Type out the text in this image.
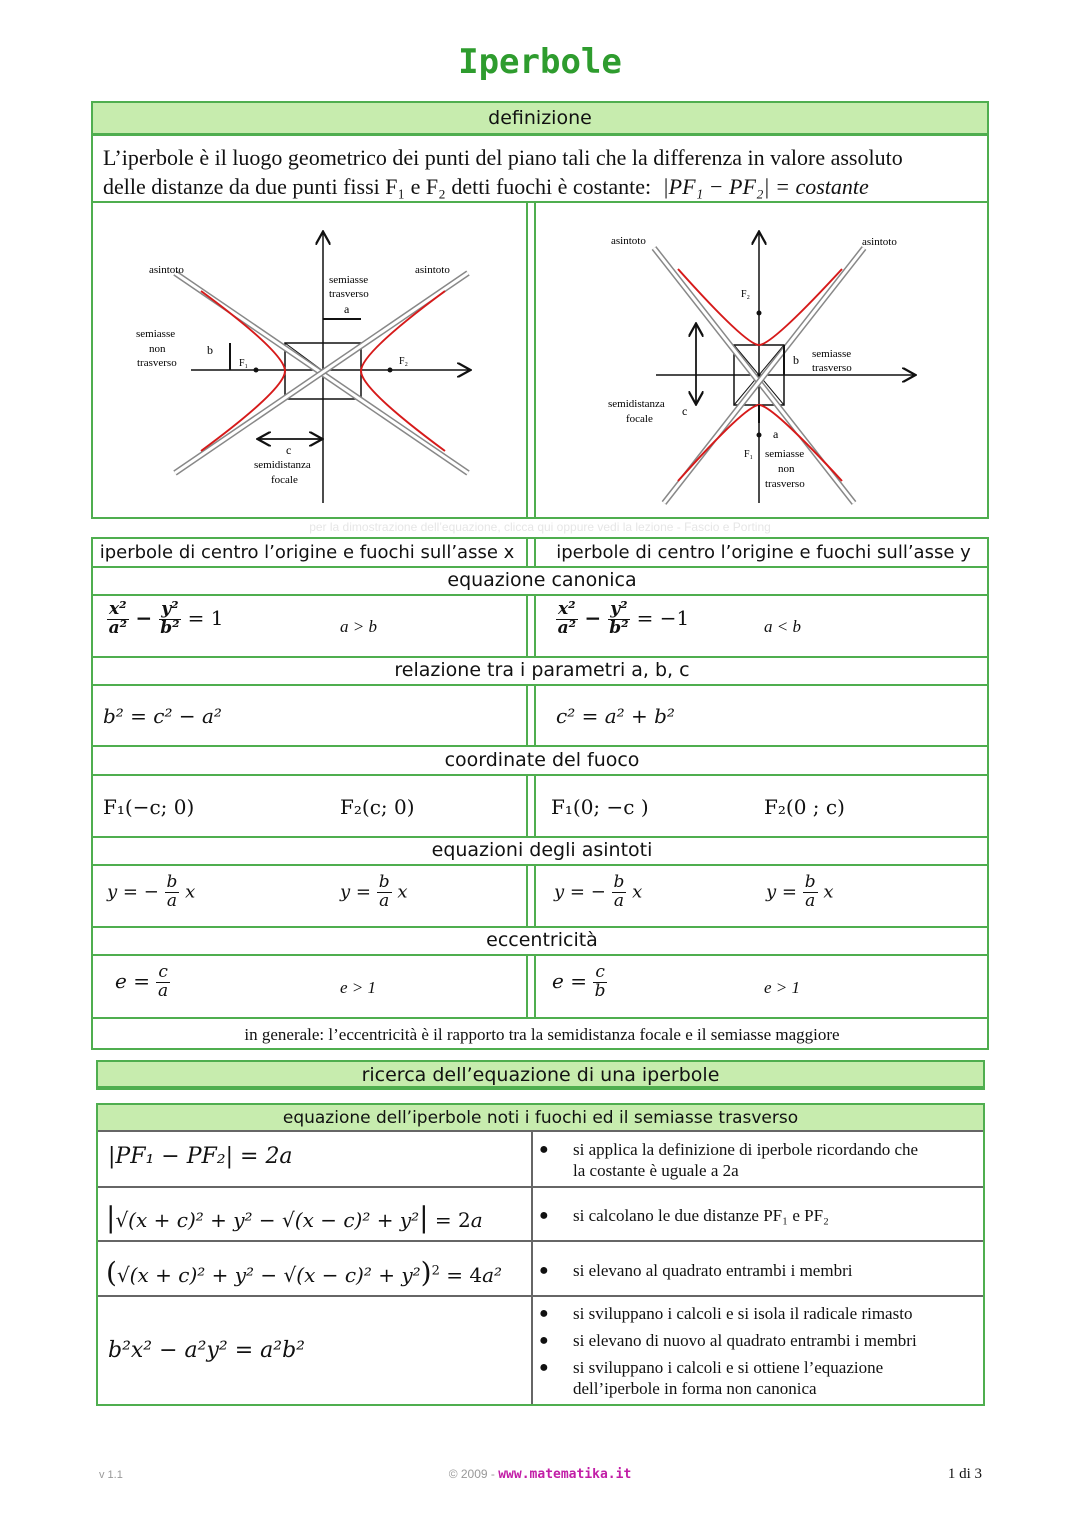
Iperbole
definizione
L’iperbole è il luogo geometrico dei punti del piano tali che la differenza in valore assoluto
delle distanze da due punti fissi F₁ e F₂ detti fuochi è costante: |PF₁ − PF₂| = costante
asintoto	asintoto
semiasse
trasverso
a
semiasse
non
trasverso
b
F₁	F₂
c
semidistanza
focale
asintoto	asintoto
F₂
b semiasse
trasverso
semidistanza
focale
c
a
F₁ semiasse
non
trasverso
per la dimostrazione dell’equazione, clicca qui oppure vedi la lezione - Fascio e Porting
iperbole di centro l’origine e fuochi sull’asse x	iperbole di centro l’origine e fuochi sull’asse y
equazione canonica
relazione tra i parametri a, b, c
coordinate del fuoco
equazioni degli asintoti
eccentricità
$\frac{\text{x²}}{\text{a²}} - \frac{\text{y²}}{\text{b²}} = 1$	a > b	$\frac{\text{x²}}{\text{a²}} - \frac{\text{y²}}{\text{b²}} = -1$	a < b
b² = c² − a²	c² = a² + b²
F₁(−c; 0)	F₂(c; 0)	F₁(0; −c )	F₂(0 ; c)
y = − $\frac{b}{a}$ x	$y = \frac{b}{a}$ x	y = − $\frac{b}{a}$ x	$y = \frac{b}{a}$ x
$e = \frac{c}{a}$	e > 1	$e = \frac{c}{b}$	e > 1
in generale: l’eccentricità è il rapporto tra la semidistanza focale e il semiasse maggiore
ricerca dell’equazione di una iperbole
equazione dell’iperbole noti i fuochi ed il semiasse trasverso
|PF₁ − PF₂| = 2a	● si applica la definizione di iperbole ricordando che
la costante è uguale a 2a
|√(x + c)² + y² − √(x − c)² + y²| = 2a	● si calcolano le due distanze PF₁ e PF₂
$(√(x + c)^2 + y^2 - √(x - c)^2 + y^2)^2 = 4a^2$ ● si elevano al quadrato entrambi i membri
b²x² − a²y² = a²b²
● si sviluppano i calcoli e si isola il radicale rimasto
● si elevano di nuovo al quadrato entrambi i membri
● si sviluppano i calcoli e si ottiene l’equazione
dell’iperbole in forma non canonica
v 1.1	© 2009 - www.matematika.it	1 di 3
